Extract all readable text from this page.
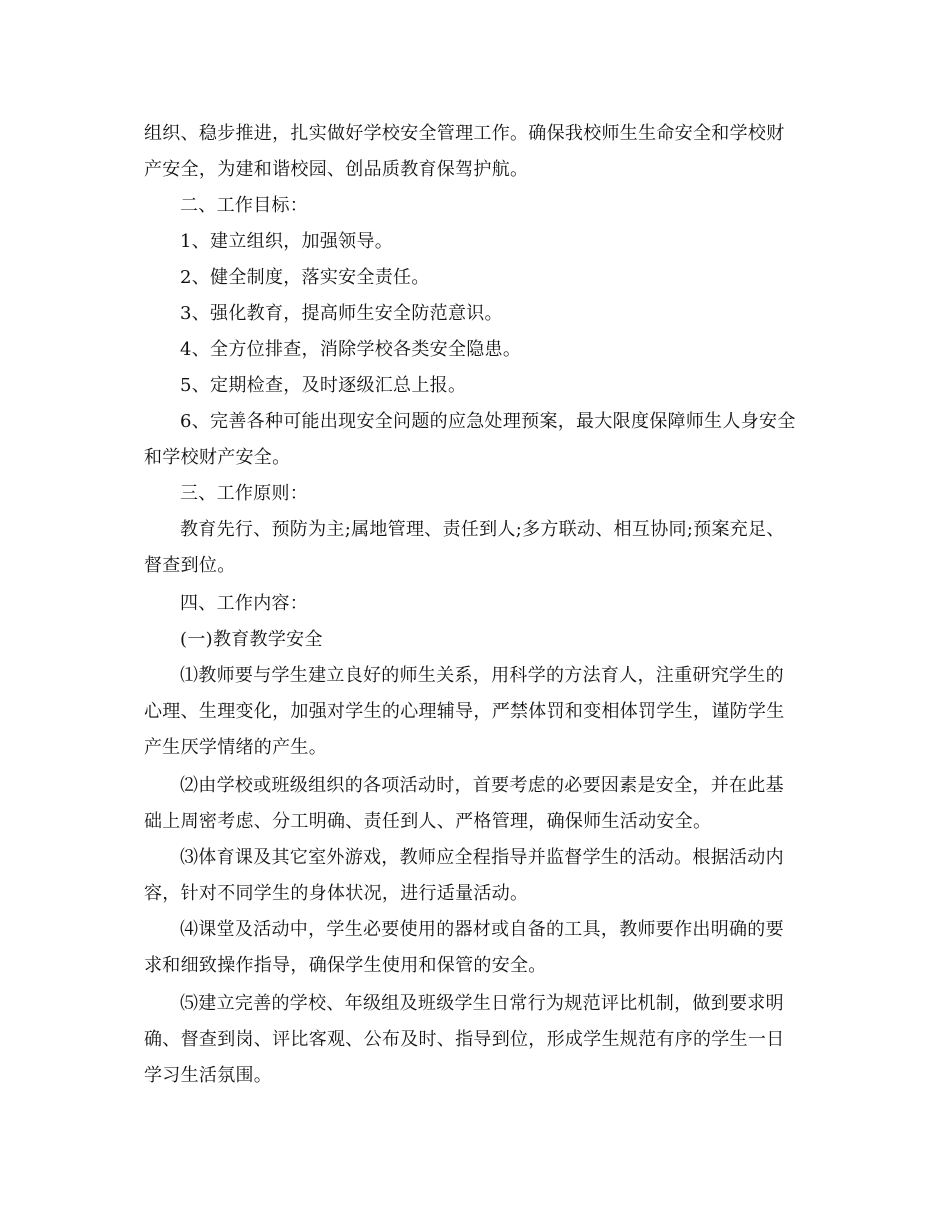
组织、稳步推进，扎实做好学校安全管理工作。确保我校师生生命安全和学校财
产安全，为建和谐校园、创品质教育保驾护航。
二、工作目标：
1、建立组织，加强领导。
2、健全制度，落实安全责任。
3、强化教育，提高师生安全防范意识。
4、全方位排查，消除学校各类安全隐患。
5、定期检查，及时逐级汇总上报。
6、完善各种可能出现安全问题的应急处理预案，最大限度保障师生人身安全
和学校财产安全。
三、工作原则：
教育先行、预防为主;属地管理、责任到人;多方联动、相互协同;预案充足、
督查到位。
四、工作内容：
(一)教育教学安全
⑴教师要与学生建立良好的师生关系，用科学的方法育人，注重研究学生的
心理、生理变化，加强对学生的心理辅导，严禁体罚和变相体罚学生，谨防学生
产生厌学情绪的产生。
⑵由学校或班级组织的各项活动时，首要考虑的必要因素是安全，并在此基
础上周密考虑、分工明确、责任到人、严格管理，确保师生活动安全。
⑶体育课及其它室外游戏，教师应全程指导并监督学生的活动。根据活动内
容，针对不同学生的身体状况，进行适量活动。
⑷课堂及活动中，学生必要使用的器材或自备的工具，教师要作出明确的要
求和细致操作指导，确保学生使用和保管的安全。
⑸建立完善的学校、年级组及班级学生日常行为规范评比机制，做到要求明
确、督查到岗、评比客观、公布及时、指导到位，形成学生规范有序的学生一日
学习生活氛围。
